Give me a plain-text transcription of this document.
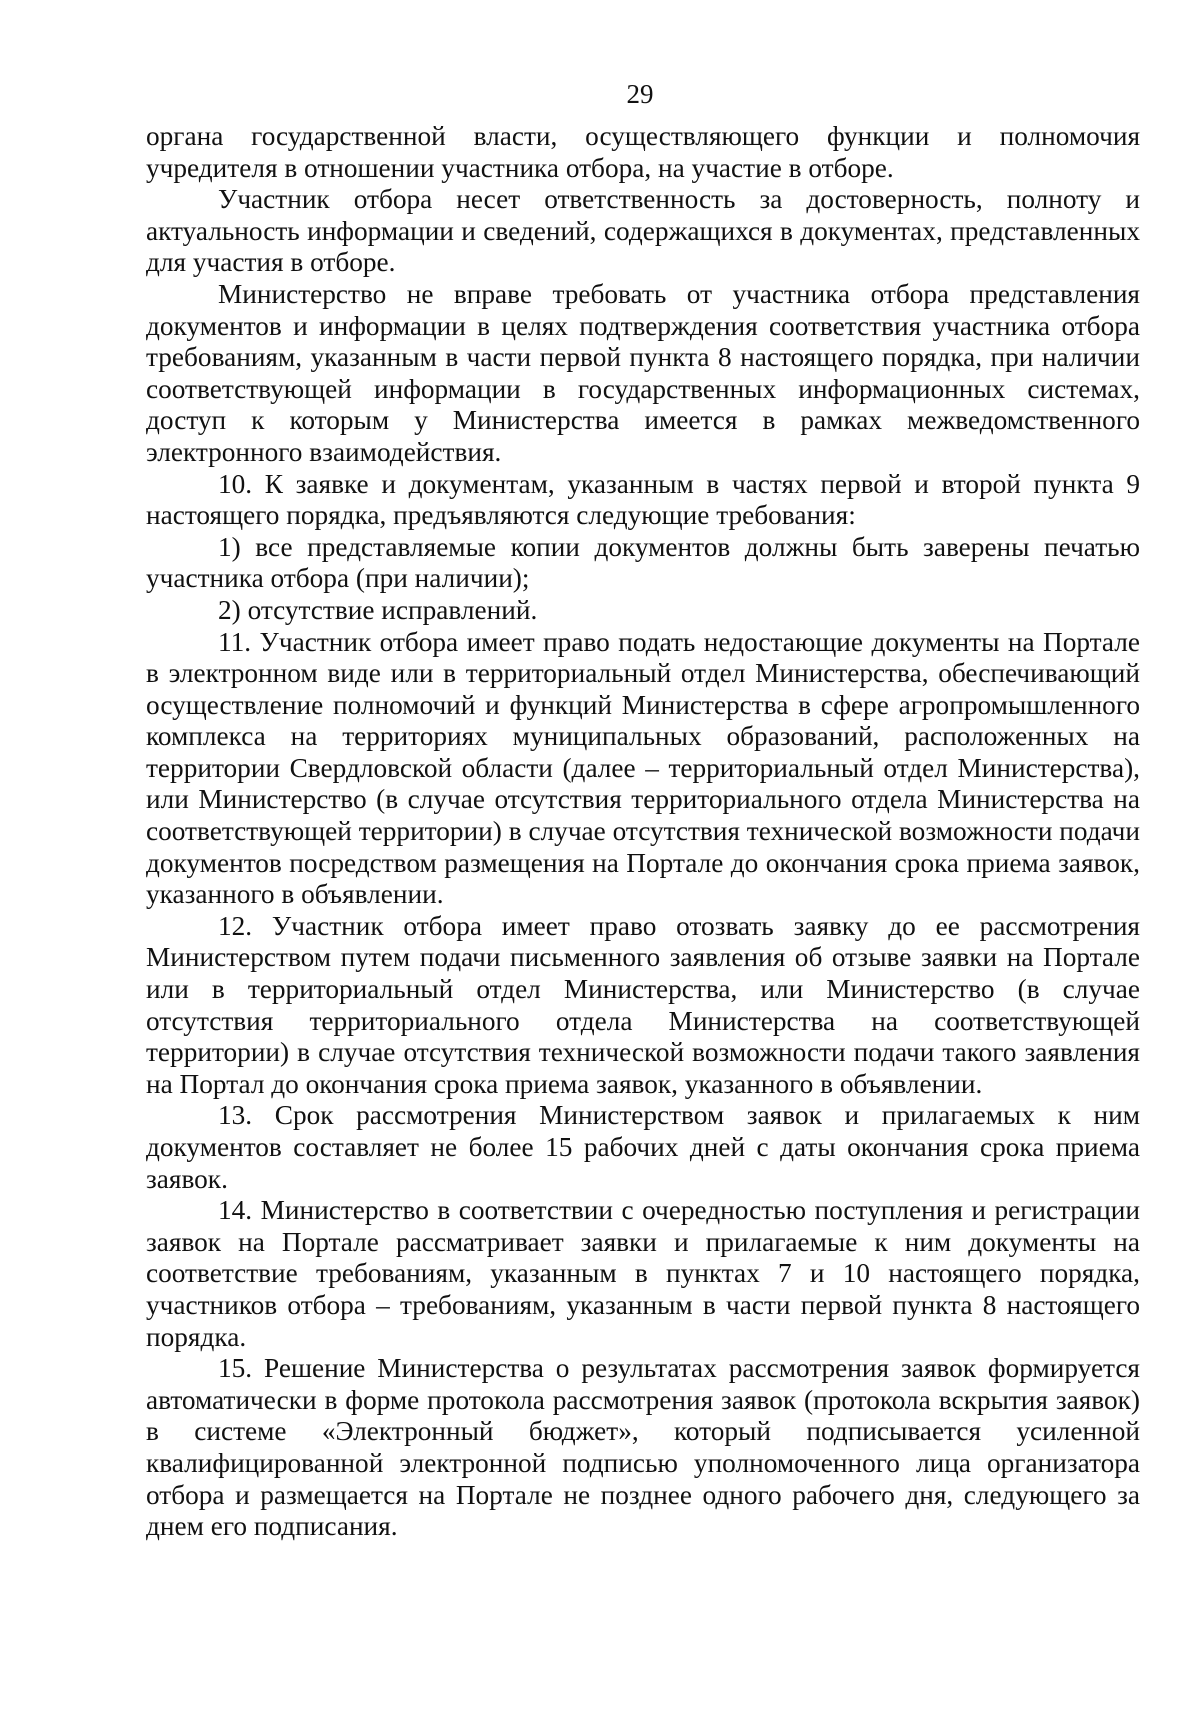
29

органа государственной власти, осуществляющего функции и полномочия учредителя в отношении участника отбора, на участие в отборе.

Участник отбора несет ответственность за достоверность, полноту и актуальность информации и сведений, содержащихся в документах, представленных для участия в отборе.

Министерство не вправе требовать от участника отбора представления документов и информации в целях подтверждения соответствия участника отбора требованиям, указанным в части первой пункта 8 настоящего порядка, при наличии соответствующей информации в государственных информационных системах, доступ к которым у Министерства имеется в рамках межведомственного электронного взаимодействия.

10. К заявке и документам, указанным в частях первой и второй пункта 9 настоящего порядка, предъявляются следующие требования:

1) все представляемые копии документов должны быть заверены печатью участника отбора (при наличии);

2) отсутствие исправлений.

11. Участник отбора имеет право подать недостающие документы на Портале в электронном виде или в территориальный отдел Министерства, обеспечивающий осуществление полномочий и функций Министерства в сфере агропромышленного комплекса на территориях муниципальных образований, расположенных на территории Свердловской области (далее – территориальный отдел Министерства), или Министерство (в случае отсутствия территориального отдела Министерства на соответствующей территории) в случае отсутствия технической возможности подачи документов посредством размещения на Портале до окончания срока приема заявок, указанного в объявлении.

12. Участник отбора имеет право отозвать заявку до ее рассмотрения Министерством путем подачи письменного заявления об отзыве заявки на Портале или в территориальный отдел Министерства, или Министерство (в случае отсутствия территориального отдела Министерства на соответствующей территории) в случае отсутствия технической возможности подачи такого заявления на Портал до окончания срока приема заявок, указанного в объявлении.

13. Срок рассмотрения Министерством заявок и прилагаемых к ним документов составляет не более 15 рабочих дней с даты окончания срока приема заявок.

14. Министерство в соответствии с очередностью поступления и регистрации заявок на Портале рассматривает заявки и прилагаемые к ним документы на соответствие требованиям, указанным в пунктах 7 и 10 настоящего порядка, участников отбора – требованиям, указанным в части первой пункта 8 настоящего порядка.

15. Решение Министерства о результатах рассмотрения заявок формируется автоматически в форме протокола рассмотрения заявок (протокола вскрытия заявок) в системе «Электронный бюджет», который подписывается усиленной квалифицированной электронной подписью уполномоченного лица организатора отбора и размещается на Портале не позднее одного рабочего дня, следующего за днем его подписания.
